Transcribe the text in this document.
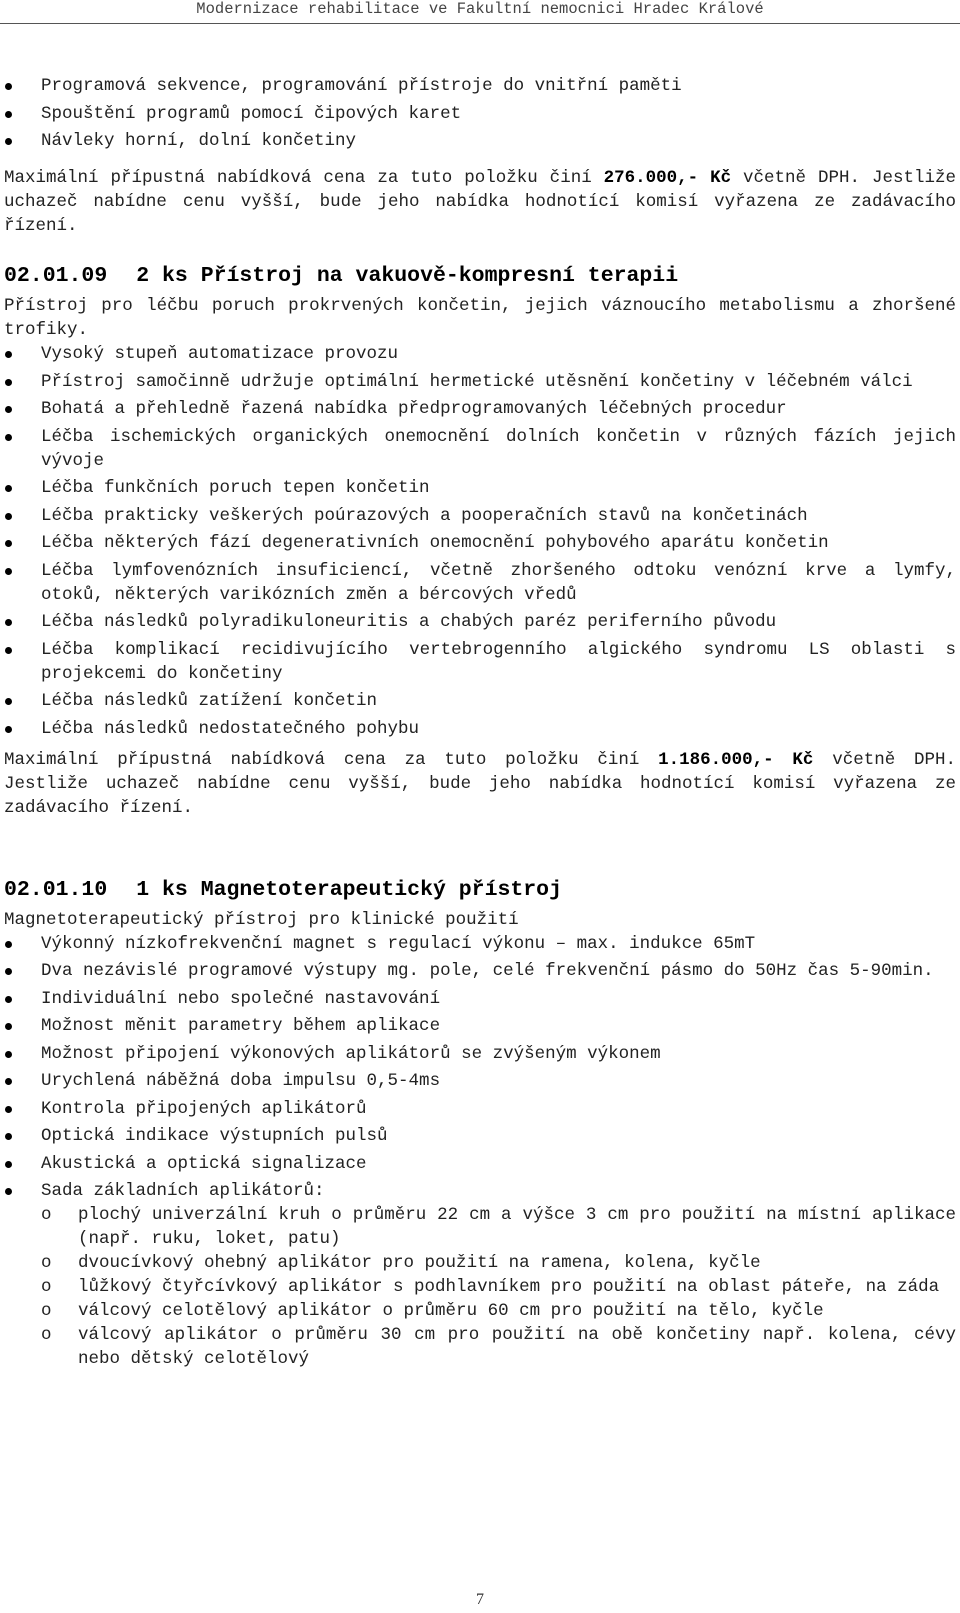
Modernizace rehabilitace ve Fakultní nemocnici Hradec Králové
Programová sekvence, programování přístroje do vnitřní paměti
Spouštění programů pomocí čipových karet
Návleky horní, dolní končetiny

Maximální přípustná nabídková cena za tuto položku činí 276.000,- Kč včetně DPH. Jestliže uchazeč nabídne cenu vyšší, bude jeho nabídka hodnotící komisí vyřazena ze zadávacího řízení.

02.01.09 2 ks Přístroj na vakuově-kompresní terapii

Přístroj pro léčbu poruch prokrvených končetin, jejich váznoucího metabolismu a zhoršené trofiky.

Vysoký stupeň automatizace provozu
Přístroj samočinně udržuje optimální hermetické utěsnění končetiny v léčebném válci
Bohatá a přehledně řazená nabídka předprogramovaných léčebných procedur
Léčba ischemických organických onemocnění dolních končetin v různých fázích jejich vývoje
Léčba funkčních poruch tepen končetin
Léčba prakticky veškerých poúrazových a pooperačních stavů na končetinách
Léčba některých fází degenerativních onemocnění pohybového aparátu končetin
Léčba lymfovenózních insuficiencí, včetně zhoršeného odtoku venózní krve a lymfy, otoků, některých varikózních změn a bércových vředů
Léčba následků polyradikuloneuritis a chabých paréz periferního původu
Léčba komplikací recidivujícího vertebrogenního algického syndromu LS oblasti s projekcemi do končetiny
Léčba následků zatížení končetin
Léčba následků nedostatečného pohybu

Maximální přípustná nabídková cena za tuto položku činí 1.186.000,- Kč včetně DPH. Jestliže uchazeč nabídne cenu vyšší, bude jeho nabídka hodnotící komisí vyřazena ze zadávacího řízení.

02.01.10 1 ks Magnetoterapeutický přístroj

Magnetoterapeutický přístroj pro klinické použití

Výkonný nízkofrekvenční magnet s regulací výkonu – max. indukce 65mT
Dva nezávislé programové výstupy mg. pole, celé frekvenční pásmo do 50Hz čas 5-90min.
Individuální nebo společné nastavování
Možnost měnit parametry během aplikace
Možnost připojení výkonových aplikátorů se zvýšeným výkonem
Urychlená náběžná doba impulsu 0,5-4ms
Kontrola připojených aplikátorů
Optická indikace výstupních pulsů
Akustická a optická signalizace
Sada základních aplikátorů:
o plochý univerzální kruh o průměru 22 cm a výšce 3 cm pro použití na místní aplikace (např. ruku, loket, patu)
o dvoucívkový ohebný aplikátor pro použití na ramena, kolena, kyčle
o lůžkový čtyřcívkový aplikátor s podhlavníkem pro použití na oblast páteře, na záda
o válcový celotělový aplikátor o průměru 60 cm pro použití na tělo, kyčle
o válcový aplikátor o průměru 30 cm pro použití na obě končetiny např. kolena, cévy nebo dětský celotělový
7
